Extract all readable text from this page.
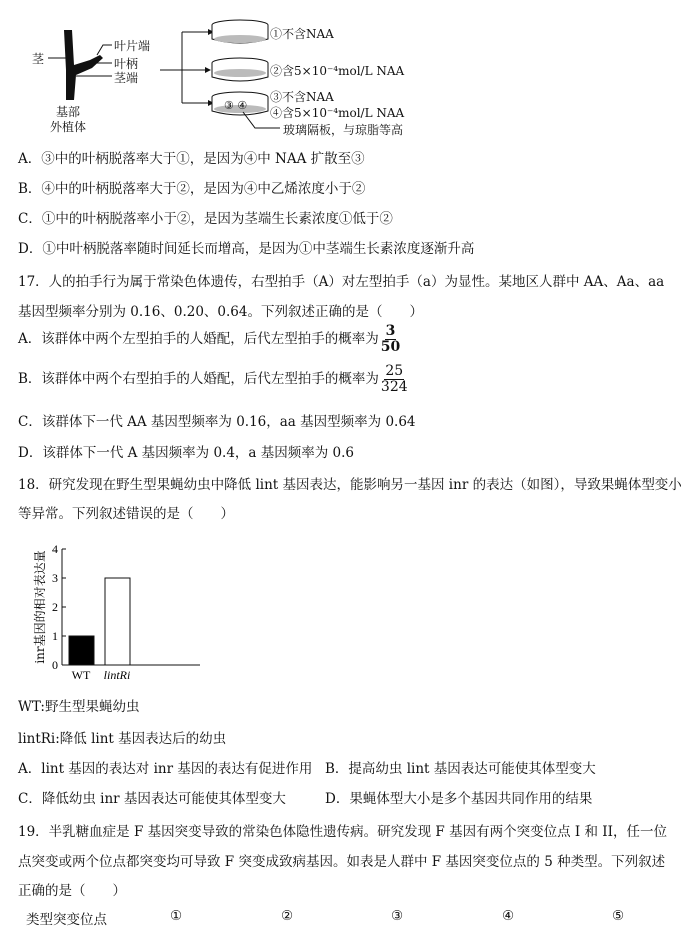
茎
叶片端
叶柄
茎端
基部
外植体
①不含NAA
②含5×10⁻⁴mol/L NAA
③不含NAA
④含5×10⁻⁴mol/L NAA
③ ④
玻璃隔板，与琼脂等高
A．③中的叶柄脱落率大于①，是因为④中 NAA 扩散至③
B．④中的叶柄脱落率大于②，是因为④中乙烯浓度小于②
C．①中的叶柄脱落率小于②，是因为茎端生长素浓度①低于②
D．①中叶柄脱落率随时间延长而增高，是因为①中茎端生长素浓度逐渐升高
17．人的拍手行为属于常染色体遗传，右型拍手（A）对左型拍手（a）为显性。某地区人群中 AA、Aa、aa
基因型频率分别为 0.16、0.20、0.64。下列叙述正确的是（　　）
A．该群体中两个左型拍手的人婚配，后代左型拍手的概率为 $\frac{3}{50}$
B．该群体中两个右型拍手的人婚配，后代左型拍手的概率为 $\frac{25}{324}$
C．该群体下一代 AA 基因型频率为 0.16，aa 基因型频率为 0.64
D．该群体下一代 A 基因频率为 0.4，a 基因频率为 0.6
18．研究发现在野生型果蝇幼虫中降低 lint 基因表达，能影响另一基因 inr 的表达（如图），导致果蝇体型变小
等异常。下列叙述错误的是（　　）
0
1
2
3
4
WT lintRi
inr基因的相对表达量
WT:野生型果蝇幼虫
lintRi:降低 lint 基因表达后的幼虫
A．lint 基因的表达对 inr 基因的表达有促进作用 B．提高幼虫 lint 基因表达可能使其体型变大
C．降低幼虫 inr 基因表达可能使其体型变大	D．果蝇体型大小是多个基因共同作用的结果
19．半乳糖血症是 F 基因突变导致的常染色体隐性遗传病。研究发现 F 基因有两个突变位点 I 和 II，任一位
点突变或两个位点都突变均可导致 F 突变成致病基因。如表是人群中 F 基因突变位点的 5 种类型。下列叙述
正确的是（　　）
类型突变位点	①	②	③	④	⑤
